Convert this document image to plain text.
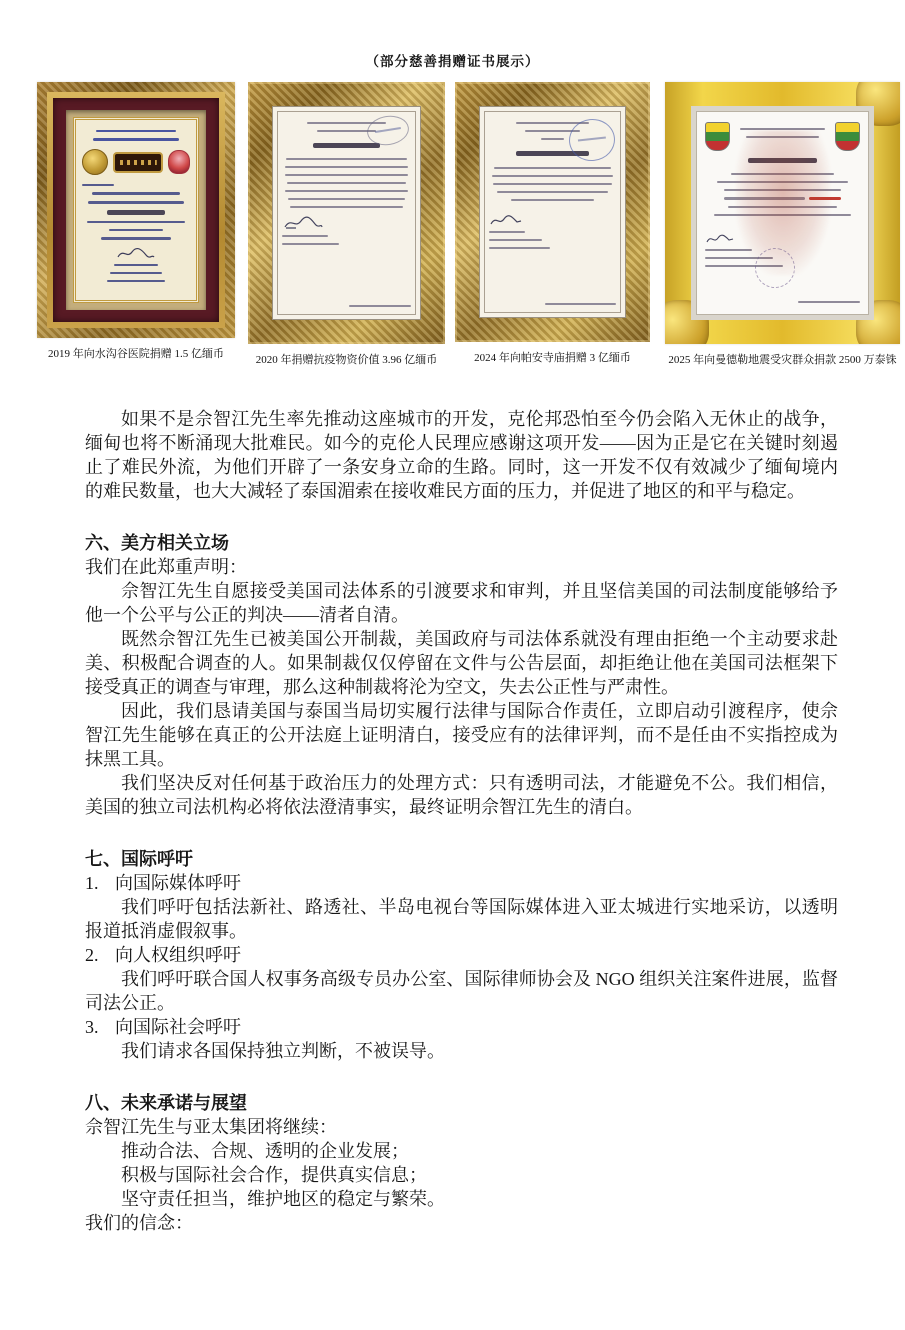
（部分慈善捐赠证书展示）
2019 年向水沟谷医院捐赠 1.5 亿缅币	2020 年捐赠抗疫物资价值 3.96 亿缅币	2024 年向帕安寺庙捐赠 3 亿缅币	2025 年向曼德勒地震受灾群众捐款 2500 万泰铢

如果不是佘智江先生率先推动这座城市的开发，克伦邦恐怕至今仍会陷入无休止的战争，缅甸也将不断涌现大批难民。如今的克伦人民理应感谢这项开发——因为正是它在关键时刻遏止了难民外流，为他们开辟了一条安身立命的生路。同时，这一开发不仅有效减少了缅甸境内的难民数量，也大大减轻了泰国湄索在接收难民方面的压力，并促进了地区的和平与稳定。

六、美方相关立场

我们在此郑重声明：

佘智江先生自愿接受美国司法体系的引渡要求和审判，并且坚信美国的司法制度能够给予他一个公平与公正的判决——清者自清。

既然佘智江先生已被美国公开制裁，美国政府与司法体系就没有理由拒绝一个主动要求赴美、积极配合调查的人。如果制裁仅仅停留在文件与公告层面，却拒绝让他在美国司法框架下接受真正的调查与审理，那么这种制裁将沦为空文，失去公正性与严肃性。

因此，我们恳请美国与泰国当局切实履行法律与国际合作责任，立即启动引渡程序，使佘智江先生能够在真正的公开法庭上证明清白，接受应有的法律评判，而不是任由不实指控成为抹黑工具。

我们坚决反对任何基于政治压力的处理方式：只有透明司法，才能避免不公。我们相信，美国的独立司法机构必将依法澄清事实，最终证明佘智江先生的清白。

七、国际呼吁

1. 向国际媒体呼吁

我们呼吁包括法新社、路透社、半岛电视台等国际媒体进入亚太城进行实地采访，以透明报道抵消虚假叙事。

2. 向人权组织呼吁

我们呼吁联合国人权事务高级专员办公室、国际律师协会及 NGO 组织关注案件进展，监督司法公正。

3. 向国际社会呼吁

我们请求各国保持独立判断，不被误导。

八、未来承诺与展望

佘智江先生与亚太集团将继续：

推动合法、合规、透明的企业发展；

积极与国际社会合作，提供真实信息；

坚守责任担当，维护地区的稳定与繁荣。

我们的信念：
